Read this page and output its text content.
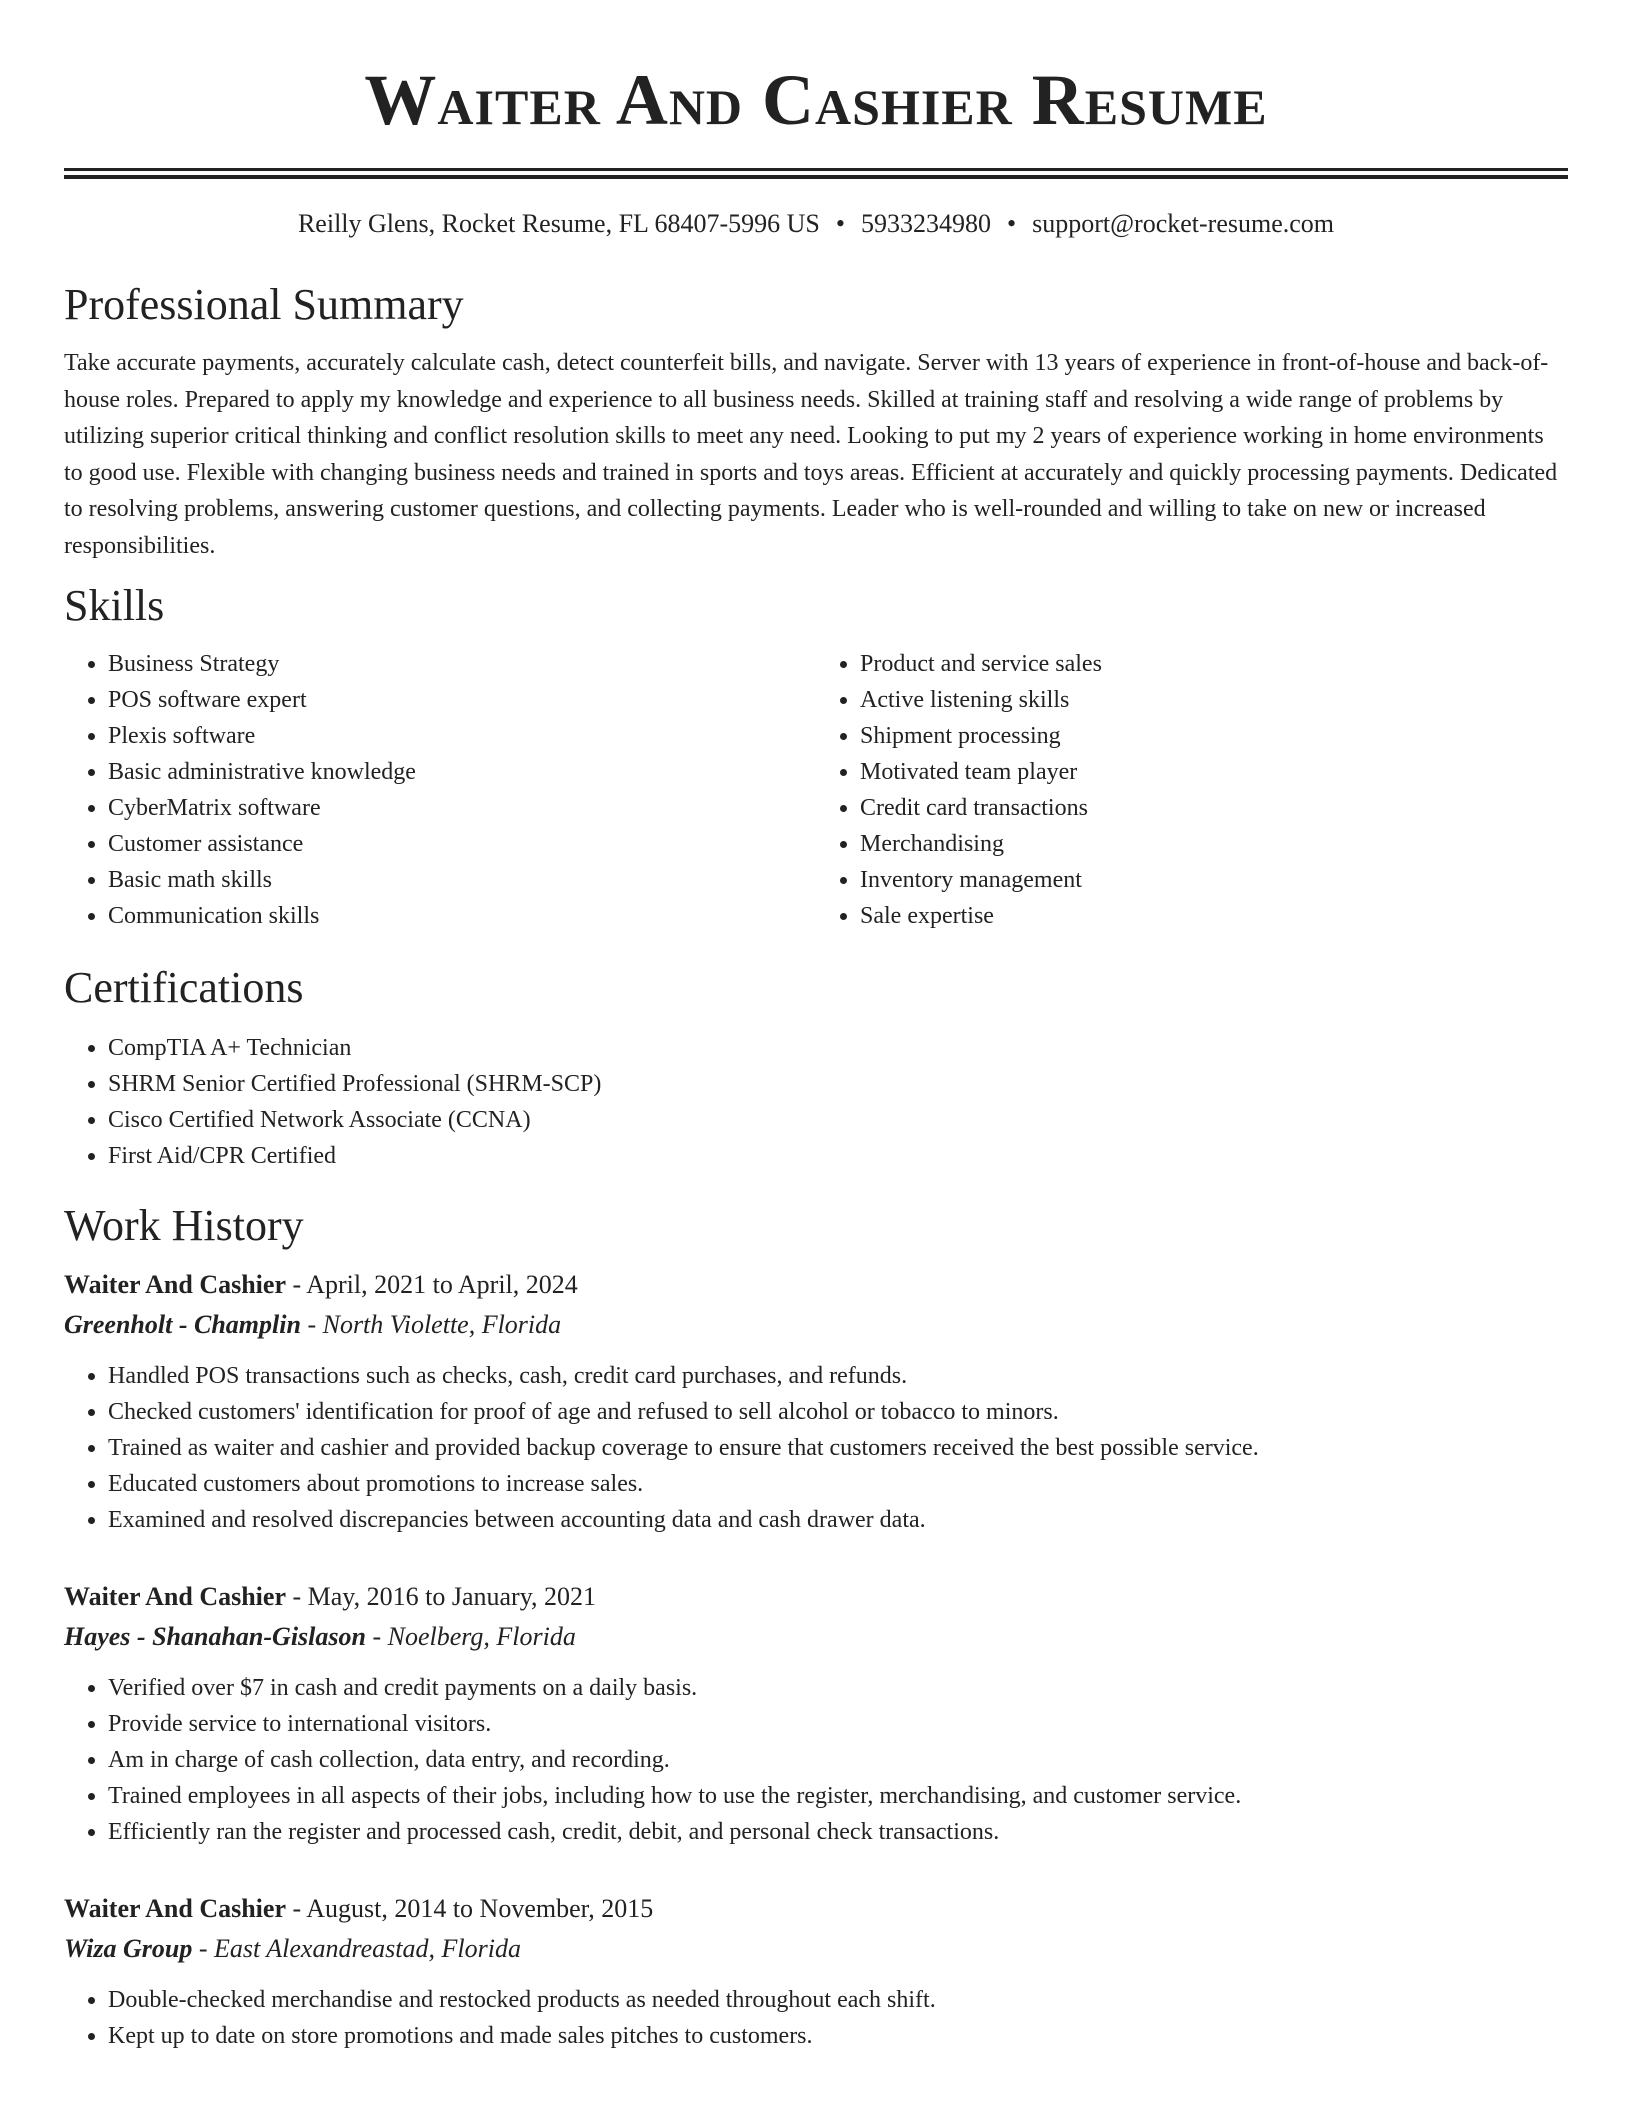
Waiter And Cashier Resume
Reilly Glens, Rocket Resume, FL 68407-5996 US • 5933234980 • support@rocket-resume.com
Professional Summary

Take accurate payments, accurately calculate cash, detect counterfeit bills, and navigate. Server with 13 years of experience in front-of-house and back-of-house roles. Prepared to apply my knowledge and experience to all business needs. Skilled at training staff and resolving a wide range of problems by utilizing superior critical thinking and conflict resolution skills to meet any need. Looking to put my 2 years of experience working in home environments to good use. Flexible with changing business needs and trained in sports and toys areas. Efficient at accurately and quickly processing payments. Dedicated to resolving problems, answering customer questions, and collecting payments. Leader who is well-rounded and willing to take on new or increased responsibilities.

Skills
• Business Strategy
• POS software expert
• Plexis software
• Basic administrative knowledge
• CyberMatrix software
• Customer assistance
• Basic math skills
• Communication skills
• Product and service sales
• Active listening skills
• Shipment processing
• Motivated team player
• Credit card transactions
• Merchandising
• Inventory management
• Sale expertise
Certifications
• CompTIA A+ Technician
• SHRM Senior Certified Professional (SHRM-SCP)
• Cisco Certified Network Associate (CCNA)
• First Aid/CPR Certified
Work History
Waiter And Cashier - April, 2021 to April, 2024
Greenholt - Champlin - North Violette, Florida
• Handled POS transactions such as checks, cash, credit card purchases, and refunds.
• Checked customers' identification for proof of age and refused to sell alcohol or tobacco to minors.
• Trained as waiter and cashier and provided backup coverage to ensure that customers received the best possible service.
• Educated customers about promotions to increase sales.
• Examined and resolved discrepancies between accounting data and cash drawer data.
Waiter And Cashier - May, 2016 to January, 2021
Hayes - Shanahan-Gislason - Noelberg, Florida
• Verified over $7 in cash and credit payments on a daily basis.
• Provide service to international visitors.
• Am in charge of cash collection, data entry, and recording.
• Trained employees in all aspects of their jobs, including how to use the register, merchandising, and customer service.
• Efficiently ran the register and processed cash, credit, debit, and personal check transactions.
Waiter And Cashier - August, 2014 to November, 2015
Wiza Group - East Alexandreastad, Florida
• Double-checked merchandise and restocked products as needed throughout each shift.
• Kept up to date on store promotions and made sales pitches to customers.
